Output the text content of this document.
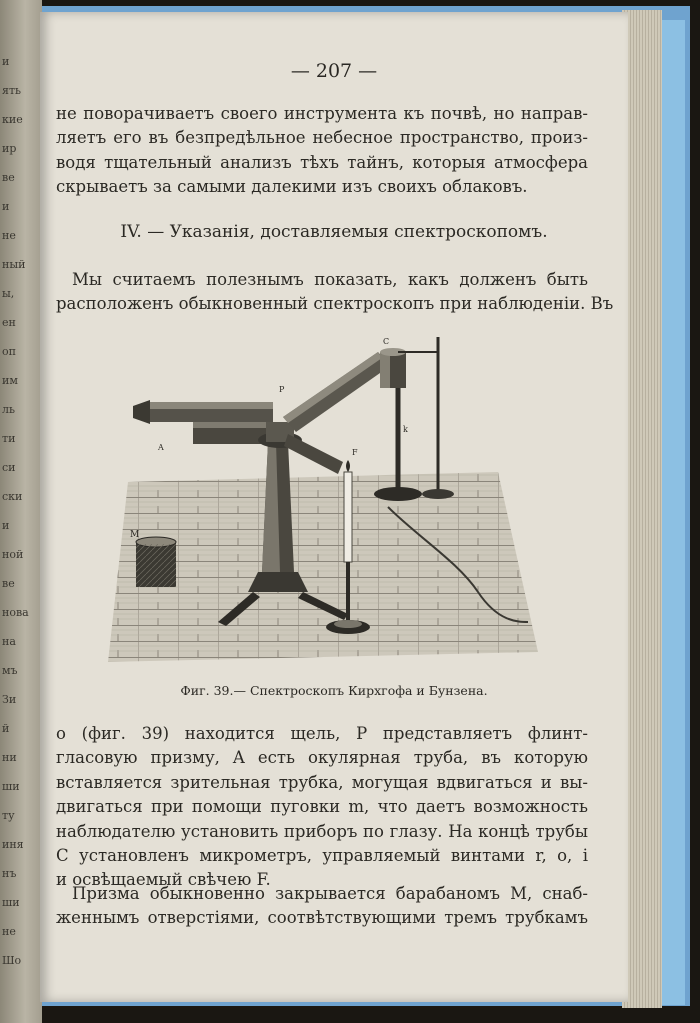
и
ять
кие
ир
ве
и
не
ный
ы,
ен
оп
им
ль
ти
си
ски
и
ной
ве
нова
на
мъ
Зи
й
ни
ши
ту
иня
нъ
ши
не
Шо
— 207 —
не поворачиваетъ своего инструмента къ почвѣ, но направ-
ляетъ его въ безпредѣльное небесное пространство, произ-
водя тщательный анализъ тѣхъ тайнъ, которыя атмосфера
скрываетъ за самыми далекими изъ своихъ облаковъ.
IV. — Указанія, доставляемыя спектроскопомъ.
Мы считаемъ полезнымъ показать, какъ долженъ быть
расположенъ обыкновенный спектроскопъ при наблюденіи. Въ
M
k
P
F
A
C
Фиг. 39.— Спектроскопъ Кирхгофа и Бунзена.
ο (фиг. 39) находится щель, P представляетъ флинт-
гласовую призму, A есть окулярная труба, въ которую
вставляется зрительная трубка, могущая вдвигаться и вы-
двигаться при помощи пуговки m, что даетъ возможность
наблюдателю установить приборъ по глазу. На концѣ трубы
C установленъ микрометръ, управляемый винтами r, o, i
и освѣщаемый свѣчею F.
Призма обыкновенно закрывается барабаномъ M, снаб-
женнымъ отверстіями, соотвѣтствующими тремъ трубкамъ
